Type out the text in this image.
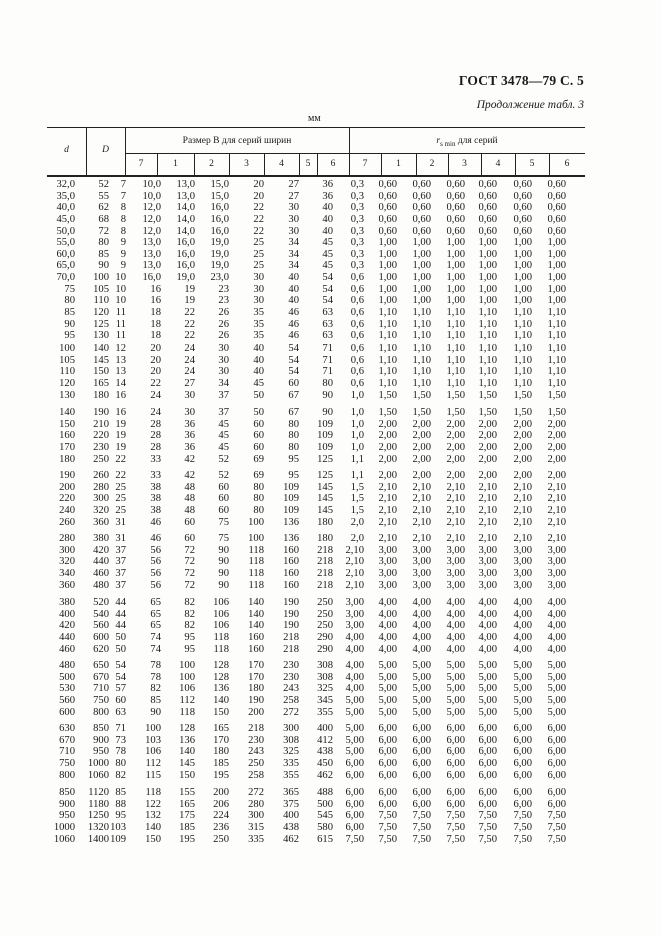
ГОСТ 3478—79 С. 5
Продолжение табл. 3
мм
d	D
Размер B для серий ширин	$r_{s min}$ для серий
7	1	2	3	4	5	6	7	1	2	3	4	5	6
32,0	52	7	10,0	13,0	15,0	20	27	36	0,3	0,60	0,60	0,60	0,60	0,60	0,60
35,0	55	7	10,0	13,0	15,0	20	27	36	0,3	0,60	0,60	0,60	0,60	0,60	0,60
40,0	62	8	12,0	14,0	16,0	22	30	40	0,3	0,60	0,60	0,60	0,60	0,60	0,60
45,0	68	8	12,0	14,0	16,0	22	30	40	0,3	0,60	0,60	0,60	0,60	0,60	0,60
50,0	72	8	12,0	14,0	16,0	22	30	40	0,3	0,60	0,60	0,60	0,60	0,60	0,60
55,0	80	9	13,0	16,0	19,0	25	34	45	0,3	1,00	1,00	1,00	1,00	1,00	1,00
60,0	85	9	13,0	16,0	19,0	25	34	45	0,3	1,00	1,00	1,00	1,00	1,00	1,00
65,0	90	9	13,0	16,0	19,0	25	34	45	0,3	1,00	1,00	1,00	1,00	1,00	1,00
70,0	100 10	16,0	19,0	23,0	30	40	54	0,6	1,00	1,00	1,00	1,00	1,00	1,00
75	105 10	16	19	23	30	40	54	0,6	1,00	1,00	1,00	1,00	1,00	1,00
80	110 10	16	19	23	30	40	54	0,6	1,00	1,00	1,00	1,00	1,00	1,00
85	120 11	18	22	26	35	46	63	0,6	1,10	1,10	1,10	1,10	1,10	1,10
90	125 11	18	22	26	35	46	63	0,6	1,10	1,10	1,10	1,10	1,10	1,10
95	130 11	18	22	26	35	46	63	0,6	1,10	1,10	1,10	1,10	1,10	1,10
100	140 12	20	24	30	40	54	71	0,6	1,10	1,10	1,10	1,10	1,10	1,10
105	145 13	20	24	30	40	54	71	0,6	1,10	1,10	1,10	1,10	1,10	1,10
110	150 13	20	24	30	40	54	71	0,6	1,10	1,10	1,10	1,10	1,10	1,10
120	165 14	22	27	34	45	60	80	0,6	1,10	1,10	1,10	1,10	1,10	1,10
130	180 16	24	30	37	50	67	90	1,0	1,50	1,50	1,50	1,50	1,50	1,50
140	190 16	24	30	37	50	67	90	1,0	1,50	1,50	1,50	1,50	1,50	1,50
150	210 19	28	36	45	60	80	109	1,0	2,00	2,00	2,00	2,00	2,00	2,00
160	220 19	28	36	45	60	80	109	1,0	2,00	2,00	2,00	2,00	2,00	2,00
170	230 19	28	36	45	60	80	109	1,0	2,00	2,00	2,00	2,00	2,00	2,00
180	250 22	33	42	52	69	95	125	1,1	2,00	2,00	2,00	2,00	2,00	2,00
190	260 22	33	42	52	69	95	125	1,1	2,00	2,00	2,00	2,00	2,00	2,00
200	280 25	38	48	60	80	109	145	1,5	2,10	2,10	2,10	2,10	2,10	2,10
220	300 25	38	48	60	80	109	145	1,5	2,10	2,10	2,10	2,10	2,10	2,10
240	320 25	38	48	60	80	109	145	1,5	2,10	2,10	2,10	2,10	2,10	2,10
260	360 31	46	60	75	100	136	180	2,0	2,10	2,10	2,10	2,10	2,10	2,10
280	380 31	46	60	75	100	136	180	2,0	2,10	2,10	2,10	2,10	2,10	2,10
300	420 37	56	72	90	118	160	218	2,10	3,00	3,00	3,00	3,00	3,00	3,00
320	440 37	56	72	90	118	160	218	2,10	3,00	3,00	3,00	3,00	3,00	3,00
340	460 37	56	72	90	118	160	218	2,10	3,00	3,00	3,00	3,00	3,00	3,00
360	480 37	56	72	90	118	160	218	2,10	3,00	3,00	3,00	3,00	3,00	3,00
380	520 44	65	82	106	140	190	250	3,00	4,00	4,00	4,00	4,00	4,00	4,00
400	540 44	65	82	106	140	190	250	3,00	4,00	4,00	4,00	4,00	4,00	4,00
420	560 44	65	82	106	140	190	250	3,00	4,00	4,00	4,00	4,00	4,00	4,00
440	600 50	74	95	118	160	218	290	4,00	4,00	4,00	4,00	4,00	4,00	4,00
460	620 50	74	95	118	160	218	290	4,00	4,00	4,00	4,00	4,00	4,00	4,00
480	650 54	78	100	128	170	230	308	4,00	5,00	5,00	5,00	5,00	5,00	5,00
500	670 54	78	100	128	170	230	308	4,00	5,00	5,00	5,00	5,00	5,00	5,00
530	710 57	82	106	136	180	243	325	4,00	5,00	5,00	5,00	5,00	5,00	5,00
560	750 60	85	112	140	190	258	345	5,00	5,00	5,00	5,00	5,00	5,00	5,00
600	800 63	90	118	150	200	272	355	5,00	5,00	5,00	5,00	5,00	5,00	5,00
630	850 71	100	128	165	218	300	400	5,00	6,00	6,00	6,00	6,00	6,00	6,00
670	900 73	103	136	170	230	308	412	5,00	6,00	6,00	6,00	6,00	6,00	6,00
710	950 78	106	140	180	243	325	438	5,00	6,00	6,00	6,00	6,00	6,00	6,00
750	1000 80	112	145	185	250	335	450	6,00	6,00	6,00	6,00	6,00	6,00	6,00
800	1060 82	115	150	195	258	355	462	6,00	6,00	6,00	6,00	6,00	6,00	6,00
850	1120 85	118	155	200	272	365	488	6,00	6,00	6,00	6,00	6,00	6,00	6,00
900	1180 88	122	165	206	280	375	500	6,00	6,00	6,00	6,00	6,00	6,00	6,00
950	1250 95	132	175	224	300	400	545	6,00	7,50	7,50	7,50	7,50	7,50	7,50
1000	1320 103	140	185	236	315	438	580	6,00	7,50	7,50	7,50	7,50	7,50	7,50
1060	1400 109	150	195	250	335	462	615	7,50	7,50	7,50	7,50	7,50	7,50	7,50
